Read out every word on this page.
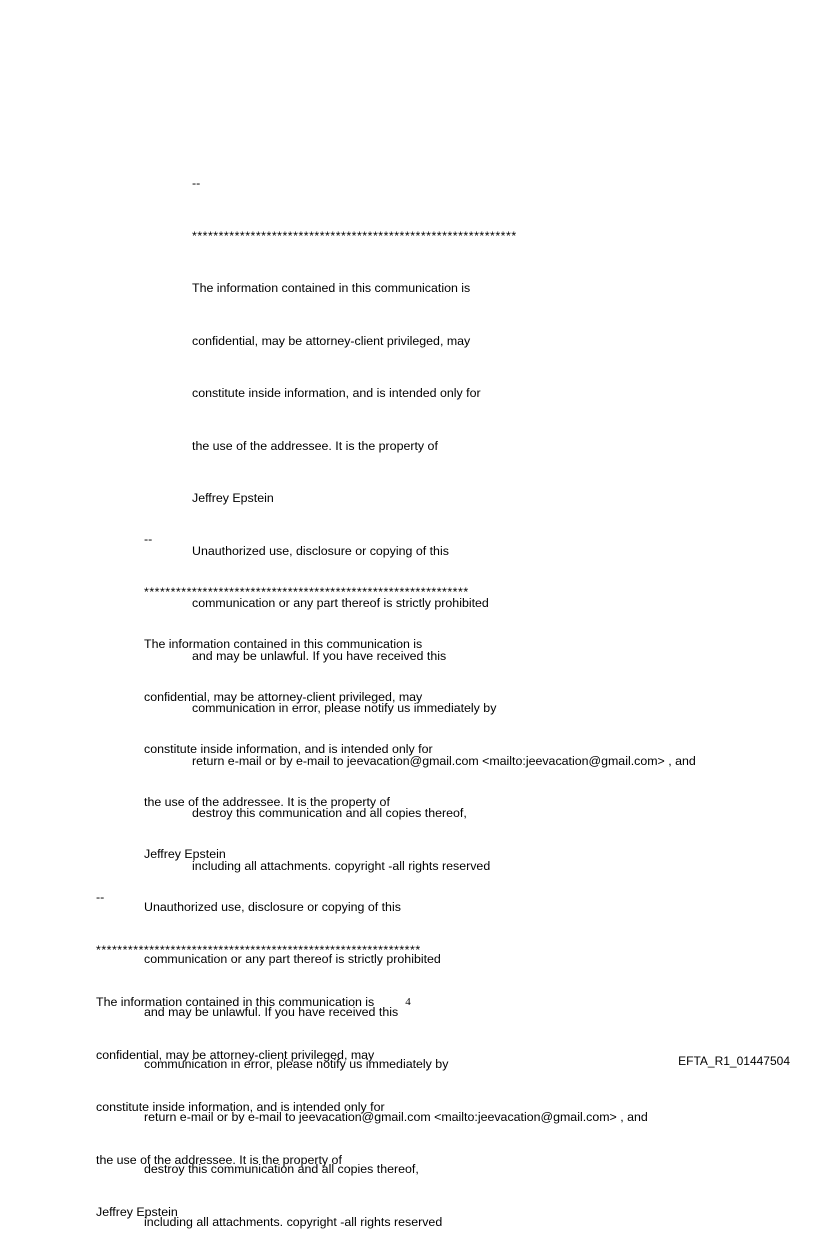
--

*************************************************************

The information contained in this communication is

confidential, may be attorney-client privileged, may

constitute inside information, and is intended only for

the use of the addressee. It is the property of

Jeffrey Epstein

Unauthorized use, disclosure or copying of this

communication or any part thereof is strictly prohibited

and may be unlawful. If you have received this

communication in error, please notify us immediately by

return e-mail or by e-mail to jeevacation@gmail.com <mailto:jeevacation@gmail.com> , and

destroy this communication and all copies thereof,

including all attachments. copyright -all rights reserved

--

*************************************************************

The information contained in this communication is

confidential, may be attorney-client privileged, may

constitute inside information, and is intended only for

the use of the addressee. It is the property of

Jeffrey Epstein

Unauthorized use, disclosure or copying of this

communication or any part thereof is strictly prohibited

and may be unlawful. If you have received this

communication in error, please notify us immediately by

return e-mail or by e-mail to jeevacation@gmail.com <mailto:jeevacation@gmail.com> , and

destroy this communication and all copies thereof,

including all attachments. copyright -all rights reserved

--

*************************************************************

The information contained in this communication is

confidential, may be attorney-client privileged, may

constitute inside information, and is intended only for

the use of the addressee. It is the property of

Jeffrey Epstein

4
EFTA_R1_01447504
